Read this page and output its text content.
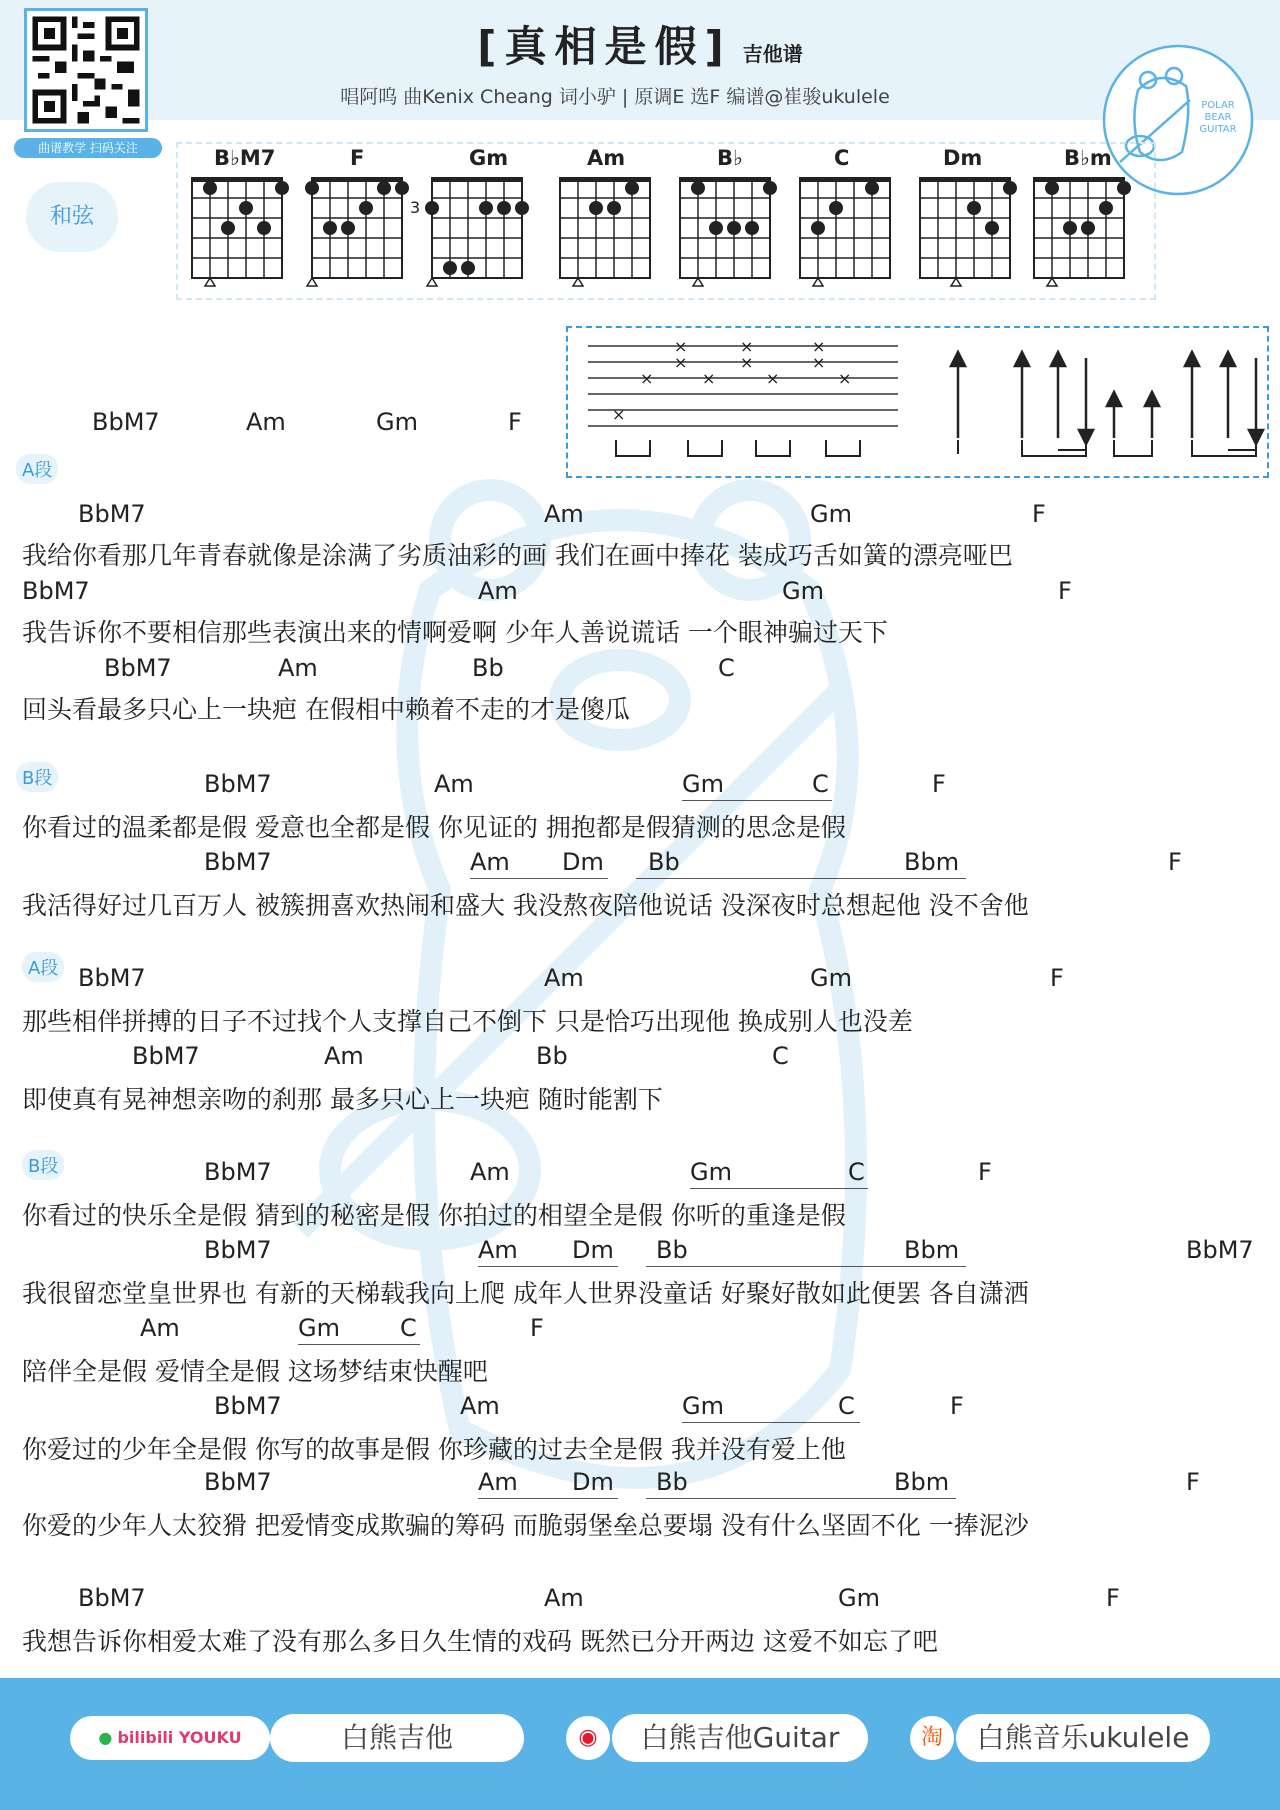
曲谱教学 扫码关注
[真相是假] 吉他谱
唱阿呜 曲Kenix Cheang 词小驴 | 原调E 选F 编谱@崔骏ukulele	POLAR
BEAR
GUITAR
和弦
B♭M7	F	Gm	Am	B♭	C	Dm	B♭m
3
×
×
×
×
×
×
×
×
×
×
×
BbM7	Am	Gm	F
A段
BbM7	Am	Gm	F
我给你看那几年青春就像是涂满了劣质油彩的画 我们在画中捧花 装成巧舌如簧的漂亮哑巴
BbM7	Am	Gm	F
我告诉你不要相信那些表演出来的情啊爱啊 少年人善说谎话 一个眼神骗过天下
BbM7	Am	Bb	C
回头看最多只心上一块疤 在假相中赖着不走的才是傻瓜
B段	BbM7	Am	Gm	C	F
你看过的温柔都是假 爱意也全都是假 你见证的 拥抱都是假猜测的思念是假
BbM7	Am Dm Bb	Bbm	F
我活得好过几百万人 被簇拥喜欢热闹和盛大 我没熬夜陪他说话 没深夜时总想起他 没不舍他
A段 BbM7	Am	Gm	F
那些相伴拼搏的日子不过找个人支撑自己不倒下 只是恰巧出现他 换成别人也没差
BbM7	Am	Bb	C
即使真有晃神想亲吻的刹那 最多只心上一块疤 随时能割下
B段	BbM7	Am	Gm	C	F
你看过的快乐全是假 猜到的秘密是假 你拍过的相望全是假 你听的重逢是假
BbM7	Am Dm Bb	Bbm	BbM7
我很留恋堂皇世界也 有新的天梯载我向上爬 成年人世界没童话 好聚好散如此便罢 各自潇洒
Am	Gm	C	F
陪伴全是假 爱情全是假 这场梦结束快醒吧
BbM7	Am	Gm	C	F
你爱过的少年全是假 你写的故事是假 你珍藏的过去全是假 我并没有爱上他
BbM7	Am Dm Bb	Bbm	F
你爱的少年人太狡猾 把爱情变成欺骗的筹码 而脆弱堡垒总要塌 没有什么坚固不化 一捧泥沙
BbM7	Am	Gm	F
我想告诉你相爱太难了没有那么多日久生情的戏码 既然已分开两边 这爱不如忘了吧
● bilibili YOUKU	白熊吉他	◉	白熊吉他Guitar	淘	白熊音乐ukulele
